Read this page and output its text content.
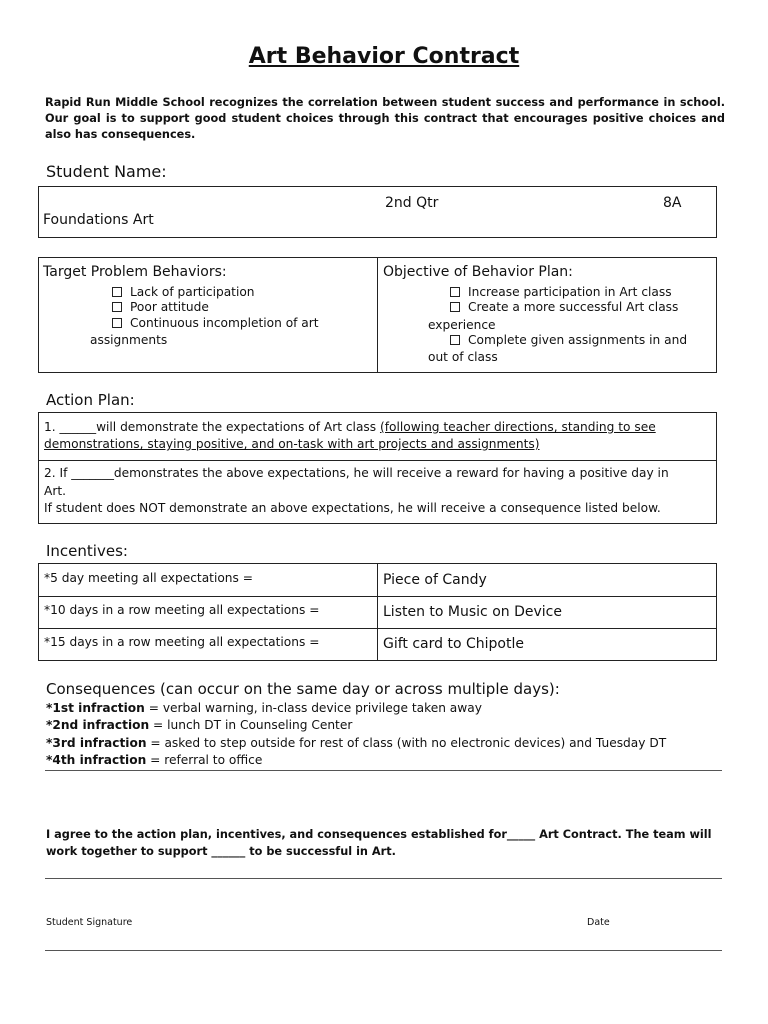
Art Behavior Contract
Rapid Run Middle School recognizes the correlation between student success and performance in school. Our goal is to support good student choices through this contract that encourages positive choices and also has consequences.
Student Name:
2nd Qtr	8A
Foundations Art
Target Problem Behaviors:
Lack of participation
Poor attitude
Continuous incompletion of art
assignments
Objective of Behavior Plan:
Increase participation in Art class
Create a more successful Art class
experience
Complete given assignments in and
out of class
Action Plan:
1. ______will demonstrate the expectations of Art class (following teacher directions, standing to see
demonstrations, staying positive, and on-task with art projects and assignments)
2. If _______demonstrates the above expectations, he will receive a reward for having a positive day in
Art.
If student does NOT demonstrate an above expectations, he will receive a consequence listed below.
Incentives:
*5 day meeting all expectations =	Piece of Candy
*10 days in a row meeting all expectations =	Listen to Music on Device
*15 days in a row meeting all expectations =	Gift card to Chipotle
Consequences (can occur on the same day or across multiple days):
*1st infraction = verbal warning, in-class device privilege taken away
*2nd infraction = lunch DT in Counseling Center
*3rd infraction = asked to step outside for rest of class (with no electronic devices) and Tuesday DT
*4th infraction = referral to office
I agree to the action plan, incentives, and consequences established for_____ Art Contract. The team will
work together to support ______ to be successful in Art.
Student Signature	Date
